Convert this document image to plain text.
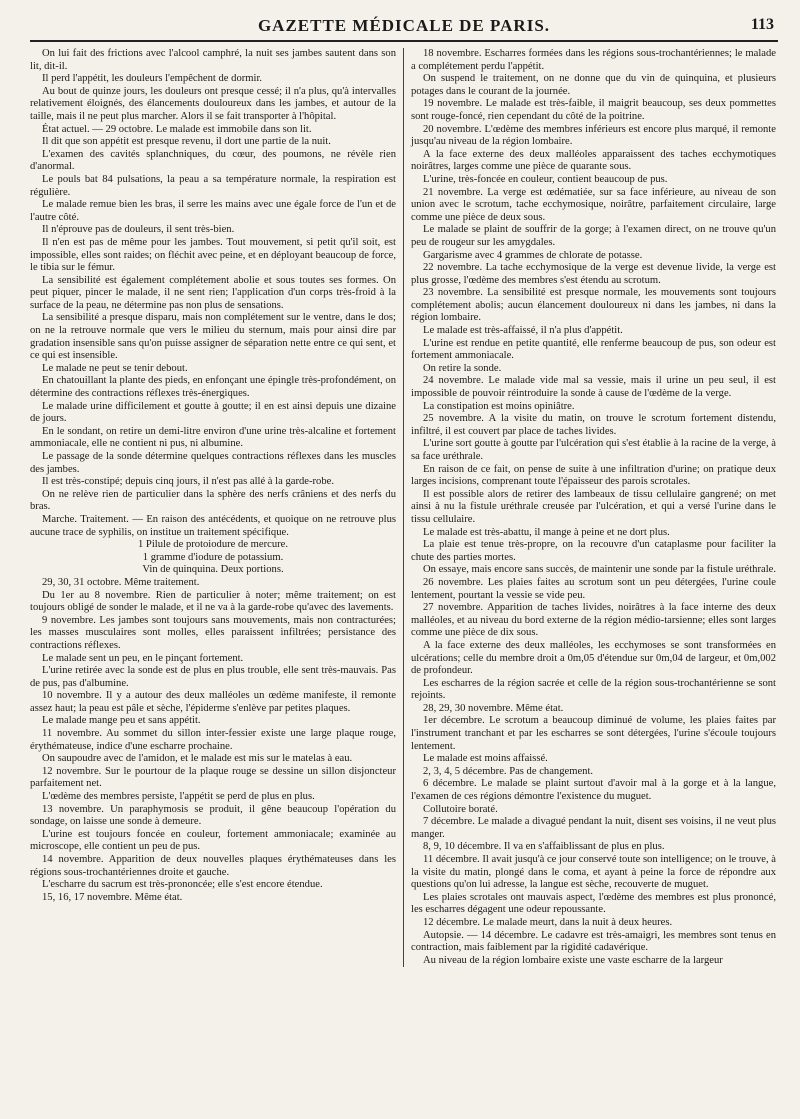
GAZETTE MÉDICALE DE PARIS.	113

On lui fait des frictions avec l'alcool camphré, la nuit ses jambes sautent dans son lit, dit-il.

Il perd l'appétit, les douleurs l'empêchent de dormir.

Au bout de quinze jours, les douleurs ont presque cessé; il n'a plus, qu'à intervalles relativement éloignés, des élancements douloureux dans les jambes, et autour de la taille, mais il ne peut plus marcher. Alors il se fait transporter à l'hôpital.

État actuel. — 29 octobre. Le malade est immobile dans son lit.

Il dit que son appétit est presque revenu, il dort une partie de la nuit.

L'examen des cavités splanchniques, du cœur, des poumons, ne révèle rien d'anormal.

Le pouls bat 84 pulsations, la peau a sa température normale, la respiration est régulière.

Le malade remue bien les bras, il serre les mains avec une égale force de l'un et de l'autre côté.

Il n'éprouve pas de douleurs, il sent très-bien.

Il n'en est pas de même pour les jambes. Tout mouvement, si petit qu'il soit, est impossible, elles sont raides; on fléchit avec peine, et en déployant beaucoup de force, le tibia sur le fémur.

La sensibilité est également complétement abolie et sous toutes ses formes. On peut piquer, pincer le malade, il ne sent rien; l'application d'un corps très-froid à la surface de la peau, ne détermine pas non plus de sensations.

La sensibilité a presque disparu, mais non complétement sur le ventre, dans le dos; on ne la retrouve normale que vers le milieu du sternum, mais pour ainsi dire par gradation insensible sans qu'on puisse assigner de séparation nette entre ce qui sent, et ce qui est insensible.

Le malade ne peut se tenir debout.

En chatouillant la plante des pieds, en enfonçant une épingle très-profondément, on détermine des contractions réflexes très-énergiques.

Le malade urine difficilement et goutte à goutte; il en est ainsi depuis une dizaine de jours.

En le sondant, on retire un demi-litre environ d'une urine très-alcaline et fortement ammoniacale, elle ne contient ni pus, ni albumine.

Le passage de la sonde détermine quelques contractions réflexes dans les muscles des jambes.

Il est très-constipé; depuis cinq jours, il n'est pas allé à la garde-robe.

On ne relève rien de particulier dans la sphère des nerfs crâniens et des nerfs du bras.

Marche. Traitement. — En raison des antécédents, et quoique on ne retrouve plus aucune trace de syphilis, on institue un traitement spécifique.

1 Pilule de protoiodure de mercure.

1 gramme d'iodure de potassium.

Vin de quinquina. Deux portions.

29, 30, 31 octobre. Même traitement.

Du 1er au 8 novembre. Rien de particulier à noter; même traitement; on est toujours obligé de sonder le malade, et il ne va à la garde-robe qu'avec des lavements.

9 novembre. Les jambes sont toujours sans mouvements, mais non contracturées; les masses musculaires sont molles, elles paraissent infiltrées; persistance des contractions réflexes.

Le malade sent un peu, en le pinçant fortement.

L'urine retirée avec la sonde est de plus en plus trouble, elle sent très-mauvais. Pas de pus, pas d'albumine.

10 novembre. Il y a autour des deux malléoles un œdème manifeste, il remonte assez haut; la peau est pâle et sèche, l'épiderme s'enlève par petites plaques.

Le malade mange peu et sans appétit.

11 novembre. Au sommet du sillon inter-fessier existe une large plaque rouge, érythémateuse, indice d'une escharre prochaine.

On saupoudre avec de l'amidon, et le malade est mis sur le matelas à eau.

12 novembre. Sur le pourtour de la plaque rouge se dessine un sillon disjoncteur parfaitement net.

L'œdème des membres persiste, l'appétit se perd de plus en plus.

13 novembre. Un paraphymosis se produit, il gêne beaucoup l'opération du sondage, on laisse une sonde à demeure.

L'urine est toujours foncée en couleur, fortement ammoniacale; examinée au microscope, elle contient un peu de pus.

14 novembre. Apparition de deux nouvelles plaques érythémateuses dans les régions sous-trochantériennes droite et gauche.

L'escharre du sacrum est très-prononcée; elle s'est encore étendue.

15, 16, 17 novembre. Même état.

18 novembre. Escharres formées dans les régions sous-trochantériennes; le malade a complétement perdu l'appétit.

On suspend le traitement, on ne donne que du vin de quinquina, et plusieurs potages dans le courant de la journée.

19 novembre. Le malade est très-faible, il maigrit beaucoup, ses deux pommettes sont rouge-foncé, rien cependant du côté de la poitrine.

20 novembre. L'œdème des membres inférieurs est encore plus marqué, il remonte jusqu'au niveau de la région lombaire.

A la face externe des deux malléoles apparaissent des taches ecchymotiques noirâtres, larges comme une pièce de quarante sous.

L'urine, très-foncée en couleur, contient beaucoup de pus.

21 novembre. La verge est œdématiée, sur sa face inférieure, au niveau de son union avec le scrotum, tache ecchymosique, noirâtre, parfaitement circulaire, large comme une pièce de deux sous.

Le malade se plaint de souffrir de la gorge; à l'examen direct, on ne trouve qu'un peu de rougeur sur les amygdales.

Gargarisme avec 4 grammes de chlorate de potasse.

22 novembre. La tache ecchymosique de la verge est devenue livide, la verge est plus grosse, l'œdème des membres s'est étendu au scrotum.

23 novembre. La sensibilité est presque normale, les mouvements sont toujours complétement abolis; aucun élancement douloureux ni dans les jambes, ni dans la région lombaire.

Le malade est très-affaissé, il n'a plus d'appétit.

L'urine est rendue en petite quantité, elle renferme beaucoup de pus, son odeur est fortement ammoniacale.

On retire la sonde.

24 novembre. Le malade vide mal sa vessie, mais il urine un peu seul, il est impossible de pouvoir réintroduire la sonde à cause de l'œdème de la verge.

La constipation est moins opiniâtre.

25 novembre. A la visite du matin, on trouve le scrotum fortement distendu, infiltré, il est couvert par place de taches livides.

L'urine sort goutte à goutte par l'ulcération qui s'est établie à la racine de la verge, à sa face uréthrale.

En raison de ce fait, on pense de suite à une infiltration d'urine; on pratique deux larges incisions, comprenant toute l'épaisseur des parois scrotales.

Il est possible alors de retirer des lambeaux de tissu cellulaire gangrené; on met ainsi à nu la fistule uréthrale creusée par l'ulcération, et qui a versé l'urine dans le tissu cellulaire.

Le malade est très-abattu, il mange à peine et ne dort plus.

La plaie est tenue très-propre, on la recouvre d'un cataplasme pour faciliter la chute des parties mortes.

On essaye, mais encore sans succès, de maintenir une sonde par la fistule uréthrale.

26 novembre. Les plaies faites au scrotum sont un peu détergées, l'urine coule lentement, pourtant la vessie se vide peu.

27 novembre. Apparition de taches livides, noirâtres à la face interne des deux malléoles, et au niveau du bord externe de la région médio-tarsienne; elles sont larges comme une pièce de dix sous.

A la face externe des deux malléoles, les ecchymoses se sont transformées en ulcérations; celle du membre droit a 0m,05 d'étendue sur 0m,04 de largeur, et 0m,002 de profondeur.

Les escharres de la région sacrée et celle de la région sous-trochantérienne se sont rejoints.

28, 29, 30 novembre. Même état.

1er décembre. Le scrotum a beaucoup diminué de volume, les plaies faites par l'instrument tranchant et par les escharres se sont détergées, l'urine s'écoule toujours lentement.

Le malade est moins affaissé.

2, 3, 4, 5 décembre. Pas de changement.

6 décembre. Le malade se plaint surtout d'avoir mal à la gorge et à la langue, l'examen de ces régions démontre l'existence du muguet.

Collutoire boraté.

7 décembre. Le malade a divagué pendant la nuit, disent ses voisins, il ne veut plus manger.

8, 9, 10 décembre. Il va en s'affaiblissant de plus en plus.

11 décembre. Il avait jusqu'à ce jour conservé toute son intelligence; on le trouve, à la visite du matin, plongé dans le coma, et ayant à peine la force de répondre aux questions qu'on lui adresse, la langue est sèche, recouverte de muguet.

Les plaies scrotales ont mauvais aspect, l'œdème des membres est plus prononcé, les escharres dégagent une odeur repoussante.

12 décembre. Le malade meurt, dans la nuit à deux heures.

Autopsie. — 14 décembre. Le cadavre est très-amaigri, les membres sont tenus en contraction, mais faiblement par la rigidité cadavérique.

Au niveau de la région lombaire existe une vaste escharre de la largeur
